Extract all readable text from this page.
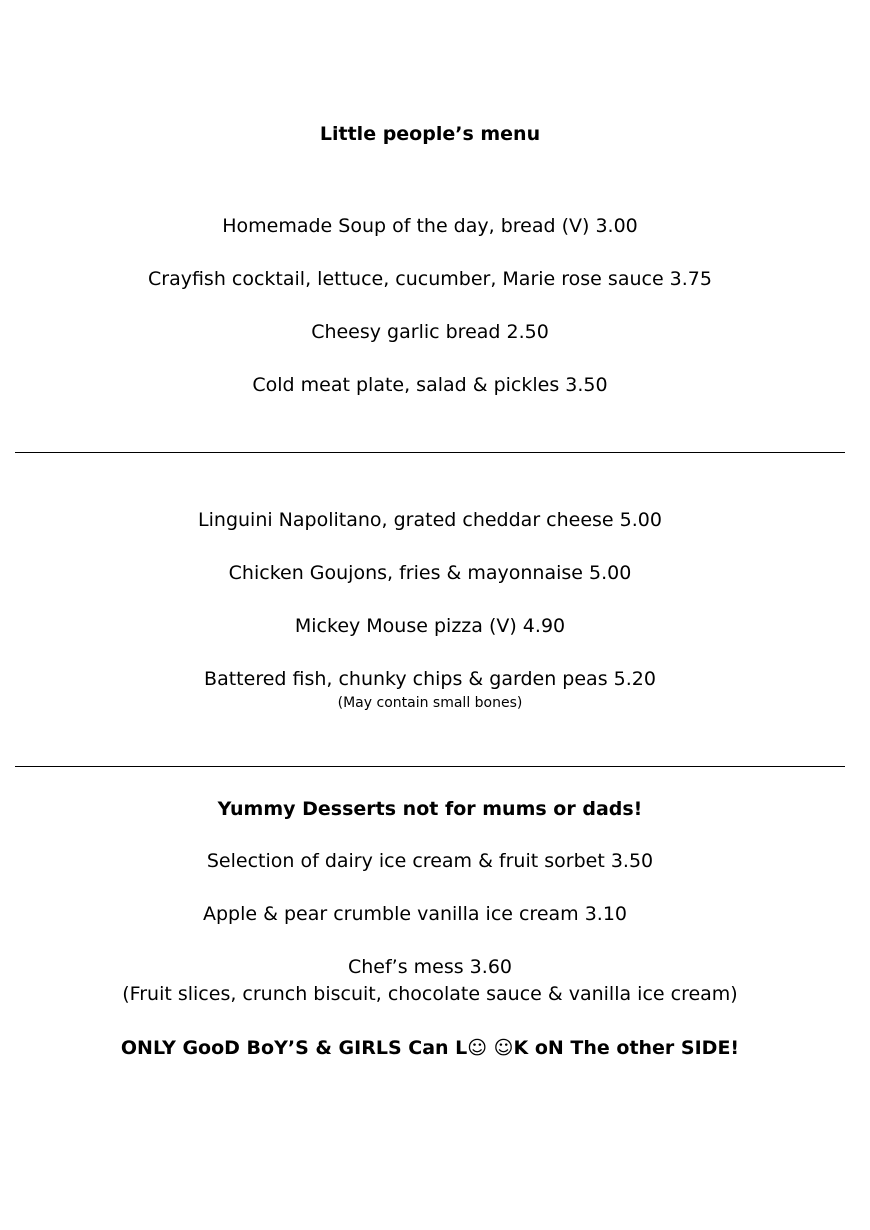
Little people’s menu
Homemade Soup of the day, bread (V) 3.00
Crayfish cocktail, lettuce, cucumber, Marie rose sauce 3.75
Cheesy garlic bread 2.50
Cold meat plate, salad & pickles 3.50
Linguini Napolitano, grated cheddar cheese 5.00
Chicken Goujons, fries & mayonnaise 5.00
Mickey Mouse pizza (V) 4.90
Battered fish, chunky chips & garden peas 5.20
(May contain small bones)
Yummy Desserts not for mums or dads!
Selection of dairy ice cream & fruit sorbet 3.50
Apple & pear crumble vanilla ice cream 3.10
Chef’s mess 3.60
(Fruit slices, crunch biscuit, chocolate sauce & vanilla ice cream)
ONLY GooD BoY’S & GIRLS Can L☺ ☺K oN The other SIDE!
